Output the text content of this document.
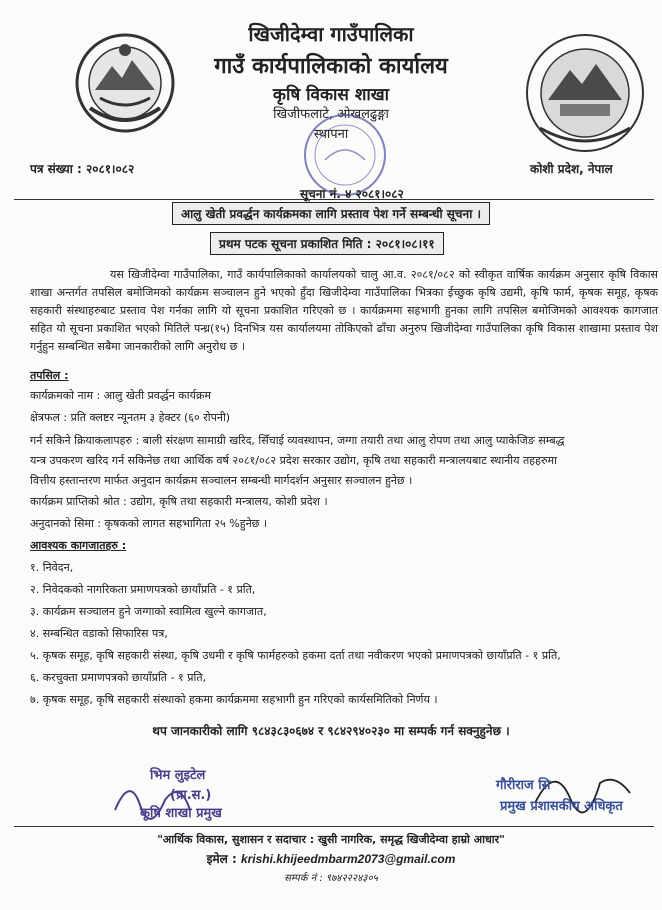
खिजीदेम्वा गाउँपालिका
गाउँ कार्यपालिकाको कार्यालय
कृषि विकास शाखा
खिजीफलाटे, ओखलढुङ्गा
स्थापना
पत्र संख्या : २०८१।०८२	कोशी प्रदेश, नेपाल
सूचना नं. ४ २०८१।०८२
आलु खेती प्रवर्द्धन कार्यक्रमका लागि प्रस्ताव पेश गर्ने सम्बन्धी सूचना ।
प्रथम पटक सूचना प्रकाशित मिति : २०८१।०८।११
यस खिजीदेम्वा गाउँपालिका, गाउँ कार्यपालिकाको कार्यालयको चालु आ.व. २०८१/०८२ को स्वीकृत वार्षिक कार्यक्रम अनुसार कृषि विकास शाखा अन्तर्गत तपसिल बमोजिमको कार्यक्रम सञ्चालन हुने भएको हुँदा खिजीदेम्वा गाउँपालिका भित्रका ईच्छुक कृषि उद्यमी, कृषि फार्म, कृषक समूह, कृषक सहकारी संस्थाहरुबाट प्रस्ताव पेश गर्नका लागि यो सूचना प्रकाशित गरिएको छ । कार्यक्रममा सहभागी हुनका लागि तपसिल बमोजिमको आवश्यक कागजात सहित यो सूचना प्रकाशित भएको मितिले पन्ध्र(१५) दिनभित्र यस कार्यालयमा तोकिएको ढाँचा अनुरुप खिजीदेम्वा गाउँपालिका कृषि विकास शाखामा प्रस्ताव पेश गर्नुहुन सम्बन्धित सबैमा जानकारीको लागि अनुरोध छ ।
तपसिल :
कार्यक्रमको नाम : आलु खेती प्रवर्द्धन कार्यक्रम
क्षेत्रफल : प्रति क्लष्टर न्यूनतम ३ हेक्टर (६० रोपनी)
गर्न सकिने क्रियाकलापहरु : बाली संरक्षण सामाग्री खरिद, सिँचाई व्यवस्थापन, जग्गा तयारी तथा आलु रोपण तथा आलु प्याकेजिङ सम्बद्ध
यन्त्र उपकरण खरिद गर्न सकिनेछ तथा आर्थिक वर्ष २०८१/०८२ प्रदेश सरकार उद्योग, कृषि तथा सहकारी मन्त्रालयबाट स्थानीय तहहरुमा
वित्तीय हस्तान्तरण मार्फत अनुदान कार्यक्रम सञ्चालन सम्बन्धी मार्गदर्शन अनुसार सञ्चालन हुनेछ ।
कार्यक्रम प्राप्तिको श्रोत : उद्योग, कृषि तथा सहकारी मन्त्रालय, कोशी प्रदेश ।
अनुदानको सिमा : कृषकको लागत सहभागिता २५ %हुनेछ ।
आवश्यक कागजातहरु :
१. निवेदन,
२. निवेदकको नागरिकता प्रमाणपत्रको छायाँप्रति - १ प्रति,
३. कार्यक्रम सञ्चालन हुने जग्गाको स्वामित्व खुल्ने कागजात,
४. सम्बन्धित वडाको सिफारिस पत्र,
५. कृषक समूह, कृषि सहकारी संस्था, कृषि उधमी र कृषि फार्महरुको हकमा दर्ता तथा नवीकरण भएको प्रमाणपत्रको छायाँप्रति - १ प्रति,
६. करचुक्ता प्रमाणपत्रको छायाँप्रति - १ प्रति,
७. कृषक समूह, कृषि सहकारी संस्थाको हकमा कार्यक्रममा सहभागी हुन गरिएको कार्यसमितिको निर्णय ।
थप जानकारीको लागि ९८४३८३०६७४ र ९८४२९४०२३० मा सम्पर्क गर्न सक्नुहुनेछ ।
भिम लुइटेल
(प्रा.स.)
कृषि शाखा प्रमुख
गौरीराज सि
प्रमुख प्रशासकीय अधिकृत
"आर्थिक विकास, सुशासन र सदाचार : खुसी नागरिक, समृद्ध खिजीदेम्वा हाम्रो आधार"
इमेल : krishi.khijeedmbarm2073@gmail.com
सम्पर्क नं : ९७४२२२४३०५
